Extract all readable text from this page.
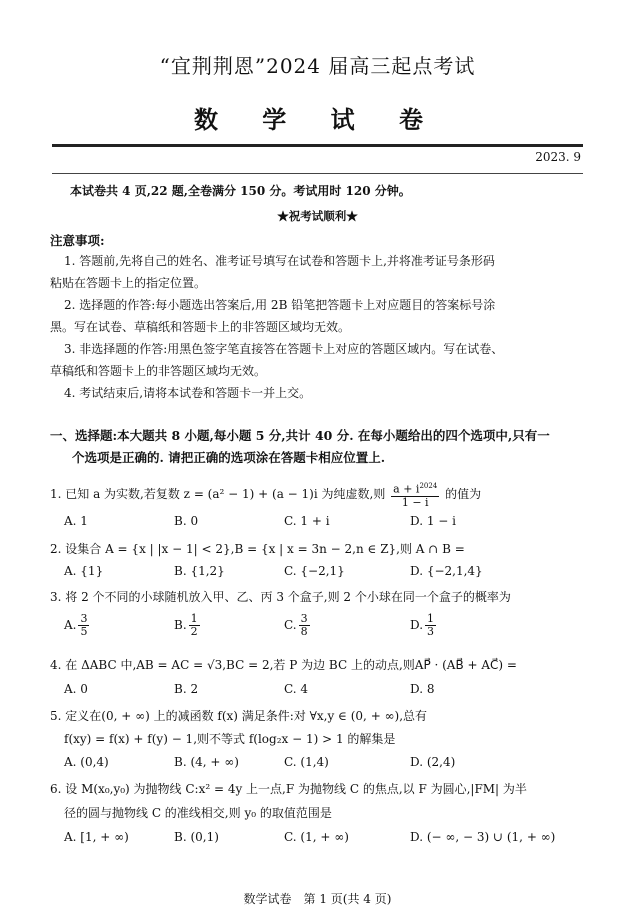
“宜荆荆恩”2024 届高三起点考试
数 学 试 卷
2023. 9
本试卷共 4 页,22 题,全卷满分 150 分。考试用时 120 分钟。
★祝考试顺利★
注意事项:
1. 答题前,先将自己的姓名、准考证号填写在试卷和答题卡上,并将准考证号条形码
粘贴在答题卡上的指定位置。
2. 选择题的作答:每小题选出答案后,用 2B 铅笔把答题卡上对应题目的答案标号涂
黑。写在试卷、草稿纸和答题卡上的非答题区域均无效。
3. 非选择题的作答:用黑色签字笔直接答在答题卡上对应的答题区域内。写在试卷、
草稿纸和答题卡上的非答题区域均无效。
4. 考试结束后,请将本试卷和答题卡一并上交。
一、选择题:本大题共 8 小题,每小题 5 分,共计 40 分. 在每小题给出的四个选项中,只有一
个选项是正确的. 请把正确的选项涂在答题卡相应位置上.
1. 已知 a 为实数,若复数 z = (a² − 1) + (a − 1)i 为纯虚数,则 $\frac{a + i^{2024}}{1 - i}$ 的值为
A. 1	B. 0	C. 1 + i	D. 1 − i
2. 设集合 A = {x | |x − 1| < 2},B = {x | x = 3n − 2,n ∈ Z},则 A ∩ B =
A. {1}	B. {1,2}	C. {−2,1}	D. {−2,1,4}
3. 将 2 个不同的小球随机放入甲、乙、丙 3 个盒子,则 2 个小球在同一个盒子的概率为
A. $\frac{3}{5}$	B. $\frac{1}{2}$	C. $\frac{3}{8}$	D. $\frac{1}{3}$
4. 在 ΔABC 中,AB = AC = √3,BC = 2,若 P 为边 BC 上的动点,则AP⃗ · (AB⃗ + AC⃗) =
A. 0	B. 2	C. 4	D. 8
5. 定义在(0, + ∞) 上的减函数 f(x) 满足条件:对 ∀x,y ∈ (0, + ∞),总有
f(xy) = f(x) + f(y) − 1,则不等式 f(log₂x − 1) > 1 的解集是
A. (0,4)	B. (4, + ∞)	C. (1,4)	D. (2,4)
6. 设 M(x₀,y₀) 为抛物线 C:x² = 4y 上一点,F 为抛物线 C 的焦点,以 F 为圆心,|FM| 为半
径的圆与抛物线 C 的准线相交,则 y₀ 的取值范围是
A. [1, + ∞)	B. (0,1)	C. (1, + ∞)	D. (− ∞, − 3) ∪ (1, + ∞)
数学试卷　第 1 页(共 4 页)
